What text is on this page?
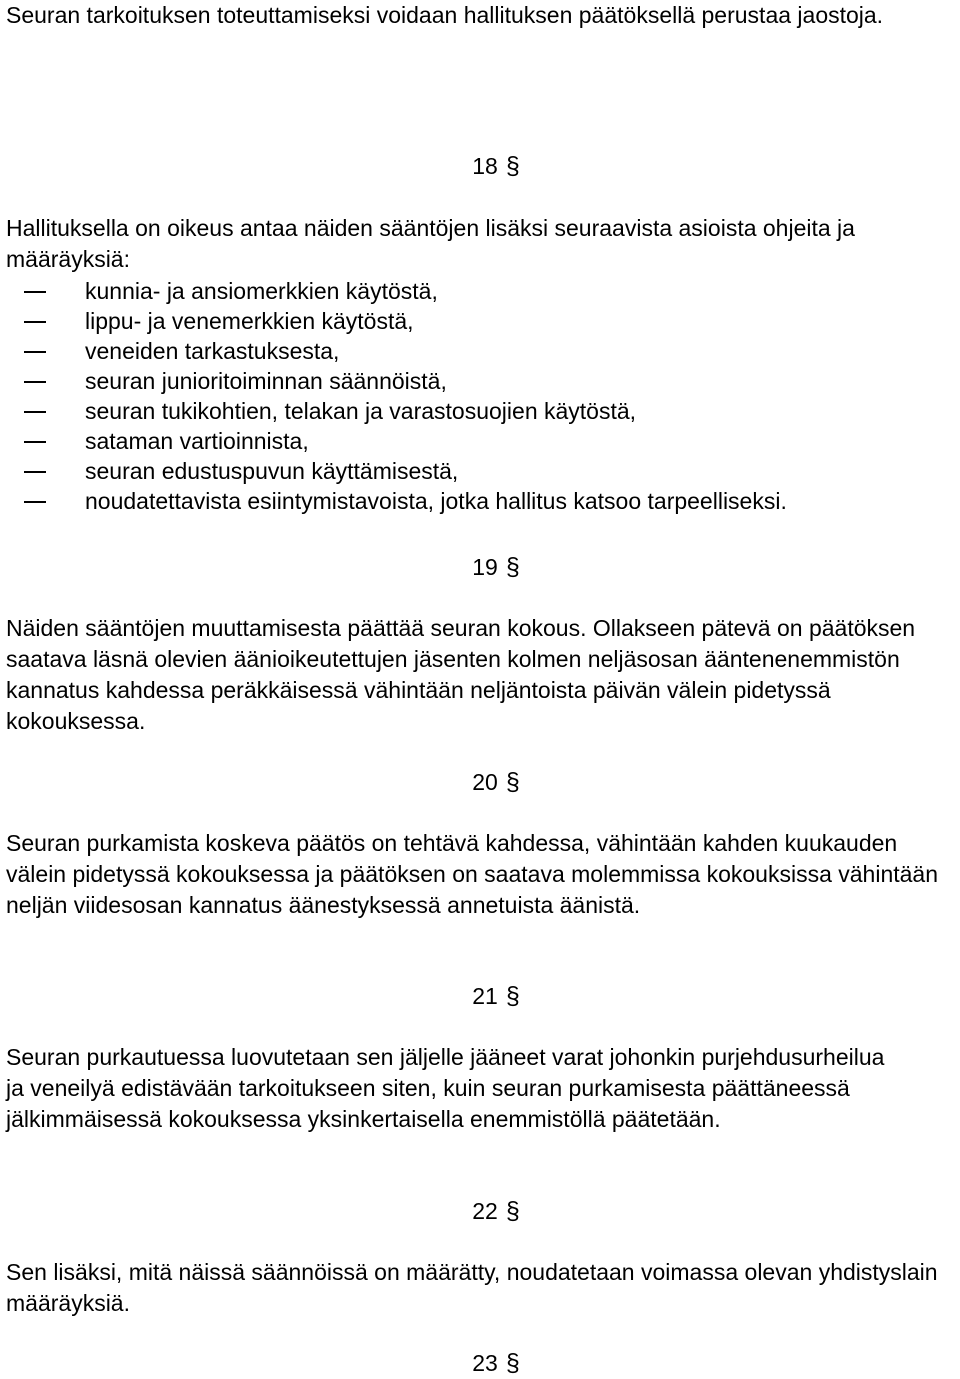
Seuran tarkoituksen toteuttamiseksi voidaan hallituksen päätöksellä perustaa jaostoja.

18 §

Hallituksella on oikeus antaa näiden sääntöjen lisäksi seuraavista asioista ohjeita ja määräyksiä:

kunnia- ja ansiomerkkien käytöstä,
lippu- ja venemerkkien käytöstä,
veneiden tarkastuksesta,
seuran junioritoiminnan säännöistä,
seuran tukikohtien, telakan ja varastosuojien käytöstä,
sataman vartioinnista,
seuran edustuspuvun käyttämisestä,
noudatettavista esiintymistavoista, jotka hallitus katsoo tarpeelliseksi.

19 §

Näiden sääntöjen muuttamisesta päättää seuran kokous. Ollakseen pätevä on päätöksen saatava läsnä olevien äänioikeutettujen jäsenten kolmen neljäsosan ääntenenemmistön kannatus kahdessa peräkkäisessä vähintään neljäntoista päivän välein pidetyssä kokouksessa.

20 §

Seuran purkamista koskeva päätös on tehtävä kahdessa, vähintään kahden kuukauden välein pidetyssä kokouksessa ja päätöksen on saatava molemmissa kokouksissa vähintään neljän viidesosan kannatus äänestyksessä annetuista äänistä.

21 §

Seuran purkautuessa luovutetaan sen jäljelle jääneet varat johonkin purjehdusurheilua ja veneilyä edistävään tarkoitukseen siten, kuin seuran purkamisesta päättäneessä jälkimmäisessä kokouksessa yksinkertaisella enemmistöllä päätetään.

22 §

Sen lisäksi, mitä näissä säännöissä on määrätty, noudatetaan voimassa olevan yhdistyslain määräyksiä.

23 §
